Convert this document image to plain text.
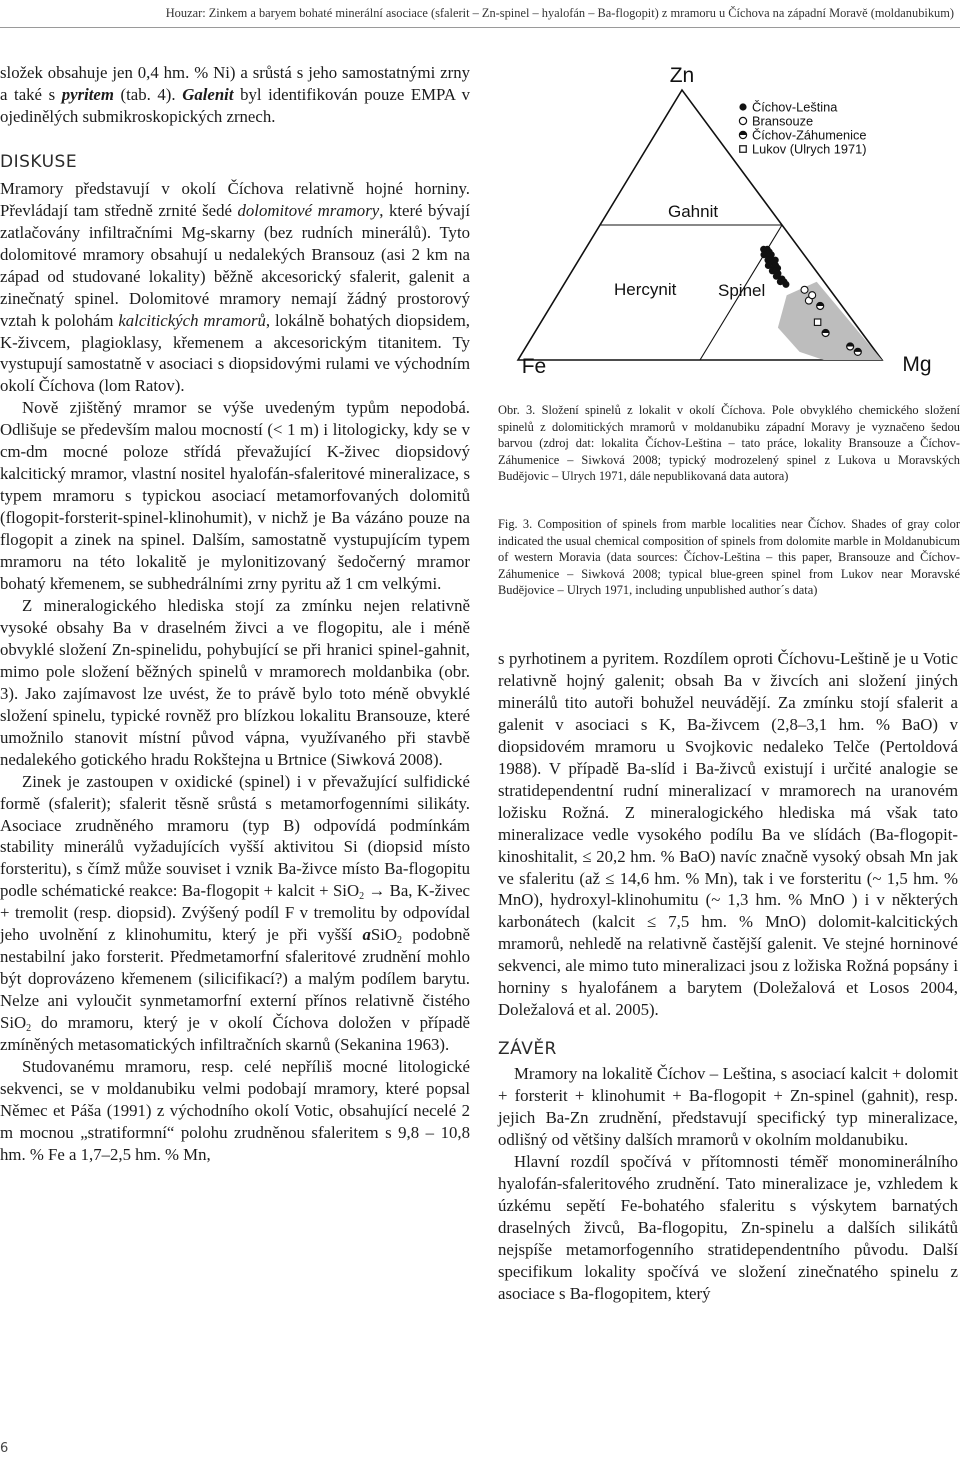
Houzar: Zinkem a baryem bohaté minerální asociace (sfalerit – Zn-spinel – hyalofán – Ba-flogopit) z mramoru u Číchova na západní Moravě (moldanubikum)

složek obsahuje jen 0,4 hm. % Ni) a srůstá s jeho samostatnými zrny a také s pyritem (tab. 4). Galenit byl identifikován pouze EMPA v ojedinělých submikroskopických zrnech.

DISKUSE

Mramory představují v okolí Číchova relativně hojné horniny. Převládají tam středně zrnité šedé dolomitové mramory, které bývají zatlačovány infiltračními Mg-skarny (bez rudních minerálů). Tyto dolomitové mramory obsahují u nedalekých Bransouz (asi 2 km na západ od studované lokality) běžně akcesorický sfalerit, galenit a zinečnatý spinel. Dolomitové mramory nemají žádný prostorový vztah k polohám kalcitických mramorů, lokálně bohatých diopsidem, K-živcem, plagioklasy, křemenem a akcesorickým titanitem. Ty vystupují samostatně v asociaci s diopsidovými rulami ve východním okolí Číchova (lom Ratov).

Nově zjištěný mramor se výše uvedeným typům nepodobá. Odlišuje se především malou mocností (< 1 m) i litologicky, kdy se v cm-dm mocné poloze střídá převažující K-živec diopsidový kalcitický mramor, vlastní nositel hyalofán-sfaleritové mineralizace, s typem mramoru s typickou asociací metamorfovaných dolomitů (flogopit-forsterit-spinel-klinohumit), v nichž je Ba vázáno pouze na flogopit a zinek na spinel. Dalším, samostatně vystupujícím typem mramoru na této lokalitě je mylonitizovaný šedočerný mramor bohatý křemenem, se subhedrálními zrny pyritu až 1 cm velkými.

Z mineralogického hlediska stojí za zmínku nejen relativně vysoké obsahy Ba v draselném živci a ve flogopitu, ale i méně obvyklé složení Zn-spinelidu, pohybující se při hranici spinel-gahnit, mimo pole složení běžných spinelů v mramorech moldanbika (obr. 3). Jako zajímavost lze uvést, že to právě bylo toto méně obvyklé složení spinelu, typické rovněž pro blízkou lokalitu Bransouze, které umožnilo stanovit místní původ vápna, využívaného při stavbě nedalekého gotického hradu Rokštejna u Brtnice (Siwková 2008).

Zinek je zastoupen v oxidické (spinel) i v převažující sulfidické formě (sfalerit); sfalerit těsně srůstá s metamorfogenními silikáty. Asociace zrudněného mramoru (typ B) odpovídá podmínkám stability minerálů vyžadujících vyšší aktivitou Si (diopsid místo forsteritu), s čímž může souviset i vznik Ba-živce místo Ba-flogopitu podle schématické reakce: Ba-flogopit + kalcit + SiO$_2$ → Ba, K-živec + tremolit (resp. diopsid). Zvýšený podíl F v tremolitu by odpovídal jeho uvolnění z klinohumitu, který je při vyšší aSiO$_2$ podobně nestabilní jako forsterit. Předmetamorfní sfaleritové zrudnění mohlo být doprovázeno křemenem (silicifikací?) a malým podílem barytu. Nelze ani vyloučit synmetamorfní externí přínos relativně čistého SiO$_2$ do mramoru, který je v okolí Číchova doložen v případě zmíněných metasomatických infiltračních skarnů (Sekanina 1963).

Studovanému mramoru, resp. celé nepříliš mocné litologické sekvenci, se v moldanubiku velmi podobají mramory, které popsal Němec et Páša (1991) z východního okolí Votic, obsahující necelé 2 m mocnou „stratiformní“ polohu zrudněnou sfaleritem s 9,8 – 10,8 hm. % Fe a 1,7–2,5 hm. % Mn,

Zn
Fe	Mg
Gahnit
Hercynit Spinel
Číchov-Leština
Bransouze
Číchov-Záhumenice
Lukov (Ulrych 1971)

Obr. 3. Složení spinelů z lokalit v okolí Číchova. Pole obvyklého chemického složení spinelů z dolomitických mramorů v moldanubiku západní Moravy je vyznačeno šedou barvou (zdroj dat: lokalita Číchov-Leština – tato práce, lokality Bransouze a Číchov-Záhumenice – Siwková 2008; typický modrozelený spinel z Lukova u Moravských Budějovic – Ulrych 1971, dále nepublikovaná data autora)

Fig. 3. Composition of spinels from marble localities near Číchov. Shades of gray color indicated the usual chemical composition of spinels from dolomite marble in Moldanubicum of western Moravia (data sources: Číchov-Leština – this paper, Bransouze and Číchov-Záhumenice – Siwková 2008; typical blue-green spinel from Lukov near Moravské Budějovice – Ulrych 1971, including unpublished author´s data)

s pyrhotinem a pyritem. Rozdílem oproti Číchovu-Leštině je u Votic relativně hojný galenit; obsah Ba v živcích ani složení jiných minerálů tito autoři bohužel neuvádějí. Za zmínku stojí sfalerit a galenit v asociaci s K, Ba-živcem (2,8–3,1 hm. % BaO) v diopsidovém mramoru u Svojkovic nedaleko Telče (Pertoldová 1988). V případě Ba-slíd i Ba-živců existují i určité analogie se stratidependentní rudní mineralizací v mramorech na uranovém ložisku Rožná. Z mineralogického hlediska má však tato mineralizace vedle vysokého podílu Ba ve slídách (Ba-flogopit-kinoshitalit, ≤ 20,2 hm. % BaO) navíc značně vysoký obsah Mn jak ve sfaleritu (až ≤ 14,6 hm. % Mn), tak i ve forsteritu (~ 1,5 hm. % MnO), hydroxyl-klinohumitu (~ 1,3 hm. % MnO ) i v některých karbonátech (kalcit ≤ 7,5 hm. % MnO) dolomit-kalcitických mramorů, nehledě na relativně častější galenit. Ve stejné horninové sekvenci, ale mimo tuto mineralizaci jsou z ložiska Rožná popsány i horniny s hyalofánem a barytem (Doležalová et Losos 2004, Doležalová et al. 2005).

ZÁVĚR

Mramory na lokalitě Číchov – Leština, s asociací kalcit + dolomit + forsterit + klinohumit + Ba-flogopit + Zn-spinel (gahnit), resp. jejich Ba-Zn zrudnění, představují specifický typ mineralizace, odlišný od většiny dalších mramorů v okolním moldanubiku.

Hlavní rozdíl spočívá v přítomnosti téměř monominerálního hyalofán-sfaleritového zrudnění. Tato mineralizace je, vzhledem k úzkému sepětí Fe-bohatého sfaleritu s výskytem barnatých draselných živců, Ba-flogopitu, Zn-spinelu a dalších silikátů nejspíše metamorfogenního stratidependentního původu. Další specifikum lokality spočívá ve složení zinečnatého spinelu z asociace s Ba-flogopitem, který

6
